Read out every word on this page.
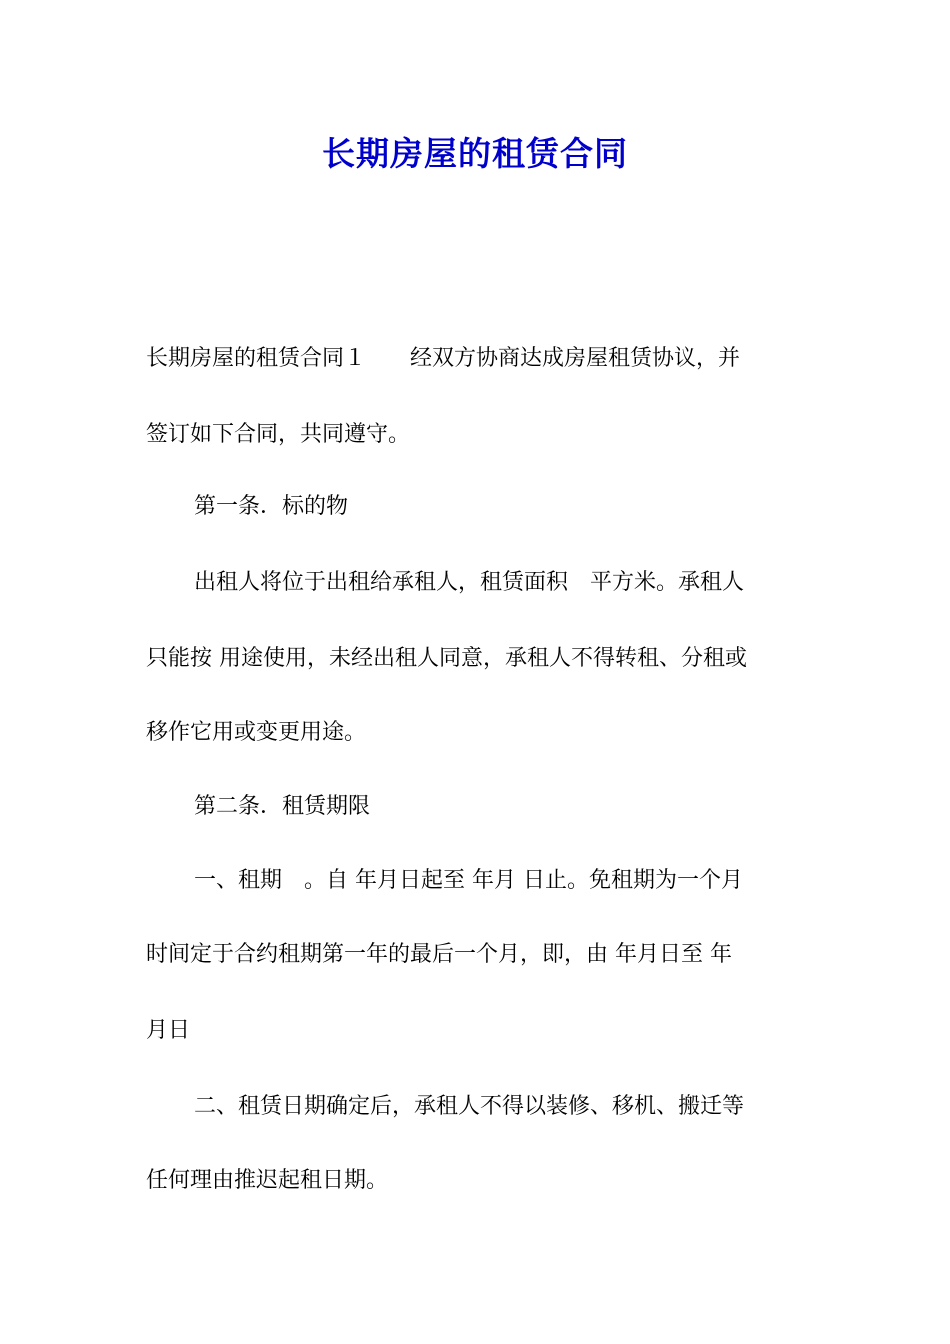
长期房屋的租赁合同
长期房屋的租赁合同１　　经双方协商达成房屋租赁协议，并
签订如下合同，共同遵守。
第一条．标的物
出租人将位于出租给承租人，租赁面积　平方米。承租人
只能按 用途使用，未经出租人同意，承租人不得转租、分租或
移作它用或变更用途。
第二条．租赁期限
一、租期　。自 年月日起至 年月 日止。免租期为一个月
时间定于合约租期第一年的最后一个月，即，由 年月日至 年
月日
二、租赁日期确定后，承租人不得以装修、移机、搬迁等
任何理由推迟起租日期。
